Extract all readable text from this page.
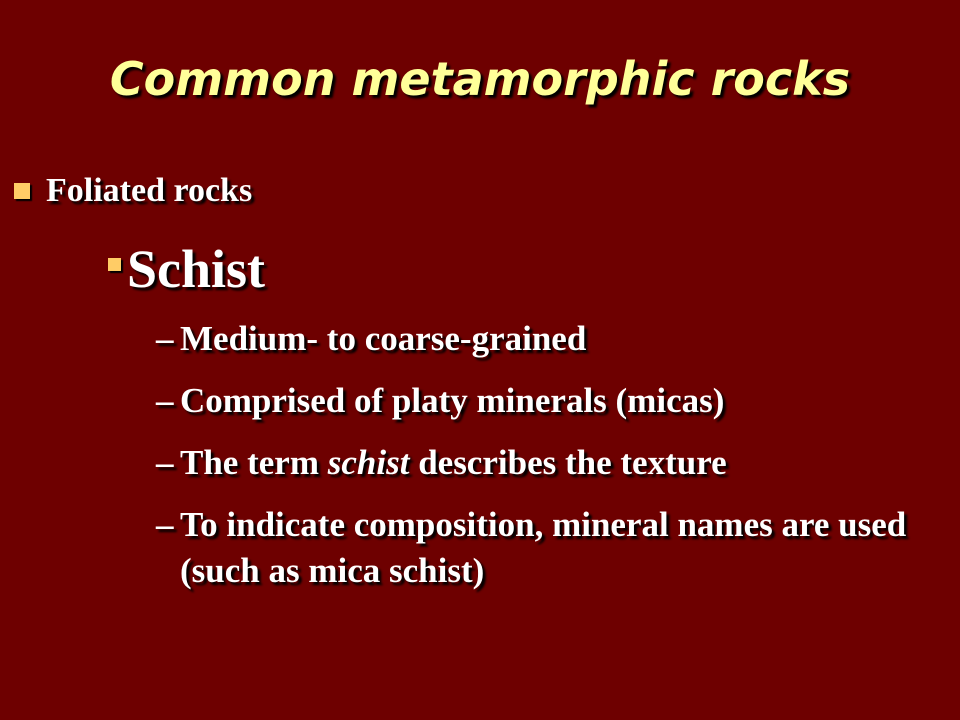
Common metamorphic rocks
Foliated rocks
Schist
– Medium- to coarse-grained
– Comprised of platy minerals (micas)
– The term schist describes the texture
– To indicate composition, mineral names are used (such as mica schist)
